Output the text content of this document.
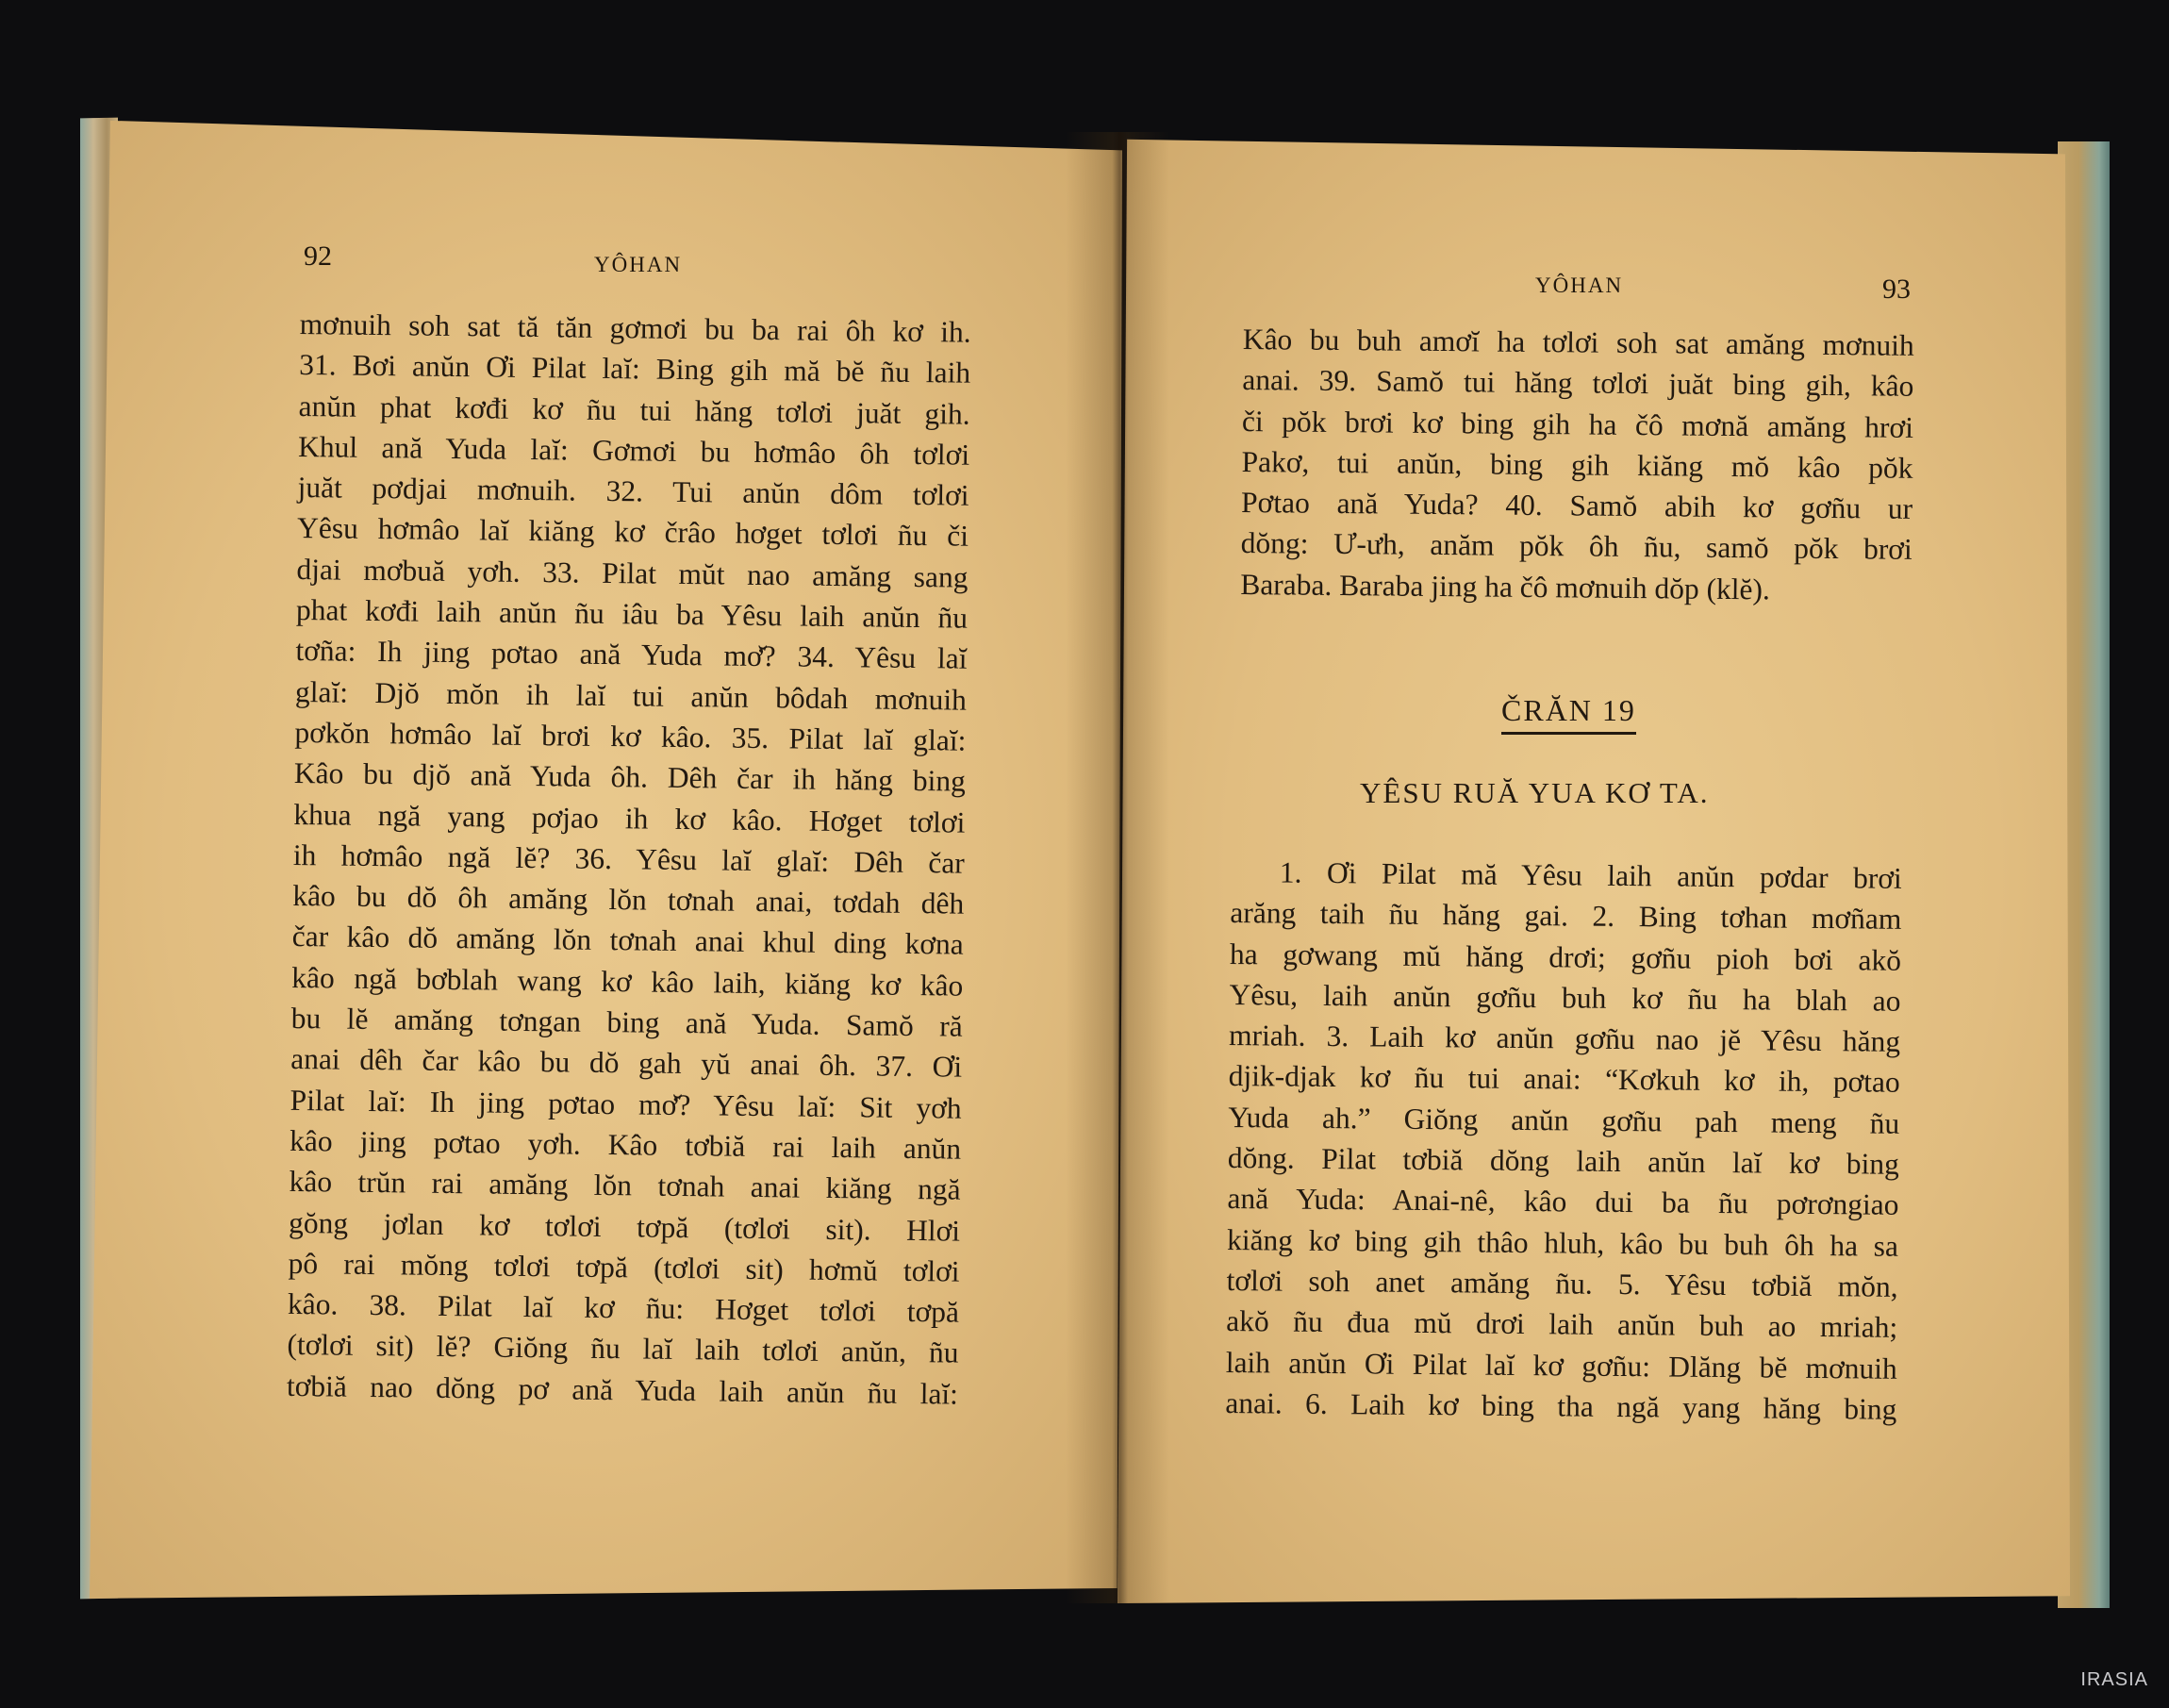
92	YÔHAN
mơnuih soh sat tă tăn gơmơi bu ba rai ôh kơ ih.
31. Bơi anŭn Ơi Pilat laĭ: Bing gih mă bĕ ñu laih
anŭn phat kơđi kơ ñu tui hăng tơlơi juăt gih.
Khul ană Yuda laĭ: Gơmơi bu hơmâo ôh tơlơi
juăt pơdjai mơnuih. 32. Tui anŭn dôm tơlơi
Yêsu hơmâo laĭ kiăng kơ črâo hơget tơlơi ñu či
djai mơbuă yơh. 33. Pilat mŭt nao amăng sang
phat kơđi laih anŭn ñu iâu ba Yêsu laih anŭn ñu
tơña: Ih jing pơtao ană Yuda mơ̆? 34. Yêsu laĭ
glaĭ: Djŏ mŏn ih laĭ tui anŭn bôdah mơnuih
pơkŏn hơmâo laĭ brơi kơ kâo. 35. Pilat laĭ glaĭ:
Kâo bu djŏ ană Yuda ôh. Dêh čar ih hăng bing
khua ngă yang pơjao ih kơ kâo. Hơget tơlơi
ih hơmâo ngă lĕ? 36. Yêsu laĭ glaĭ: Dêh čar
kâo bu dŏ ôh amăng lŏn tơnah anai, tơdah dêh
čar kâo dŏ amăng lŏn tơnah anai khul ding kơna
kâo ngă bơblah wang kơ kâo laih, kiăng kơ kâo
bu lĕ amăng tơngan bing ană Yuda. Samŏ ră
anai dêh čar kâo bu dŏ gah yŭ anai ôh. 37. Ơi
Pilat laĭ: Ih jing pơtao mơ̆? Yêsu laĭ: Sit yơh
kâo jing pơtao yơh. Kâo tơbiă rai laih anŭn
kâo trŭn rai amăng lŏn tơnah anai kiăng ngă
gŏng jơlan kơ tơlơi tơpă (tơlơi sit). Hlơi
pô rai mŏng tơlơi tơpă (tơlơi sit) hơmŭ tơlơi
kâo. 38. Pilat laĭ kơ ñu: Hơget tơlơi tơpă
(tơlơi sit) lĕ? Giŏng ñu laĭ laih tơlơi anŭn, ñu
tơbiă nao dŏng pơ ană Yuda laih anŭn ñu laĭ:
YÔHAN	93
Kâo bu buh amơĭ ha tơlơi soh sat amăng mơnuih
anai. 39. Samŏ tui hăng tơlơi juăt bing gih, kâo
či pŏk brơi kơ bing gih ha čô mơnă amăng hrơi
Pakơ, tui anŭn, bing gih kiăng mŏ kâo pŏk
Pơtao ană Yuda? 40. Samŏ abih kơ gơñu ur
dŏng: Ư-ưh, anăm pŏk ôh ñu, samŏ pŏk brơi
Baraba. Baraba jing ha čô mơnuih dŏp (klĕ).
ČRĂN 19
YÊSU RUĂ YUA KƠ TA.
1. Ơi Pilat mă Yêsu laih anŭn pơdar brơi
arăng taih ñu hăng gai. 2. Bing tơhan mơñam
ha gơwang mŭ hăng drơi; gơñu pioh bơi akŏ
Yêsu, laih anŭn gơñu buh kơ ñu ha blah ao
mriah. 3. Laih kơ anŭn gơñu nao jĕ Yêsu hăng
djik-djak kơ ñu tui anai: “Kơkuh kơ ih, pơtao
Yuda ah.” Giŏng anŭn gơñu pah meng ñu
dŏng. Pilat tơbiă dŏng laih anŭn laĭ kơ bing
ană Yuda: Anai-nê, kâo dui ba ñu pơrơngiao
kiăng kơ bing gih thâo hluh, kâo bu buh ôh ha sa
tơlơi soh anet amăng ñu. 5. Yêsu tơbiă mŏn,
akŏ ñu đua mŭ drơi laih anŭn buh ao mriah;
laih anŭn Ơi Pilat laĭ kơ gơñu: Dlăng bĕ mơnuih
anai. 6. Laih kơ bing tha ngă yang hăng bing
IRASIA
